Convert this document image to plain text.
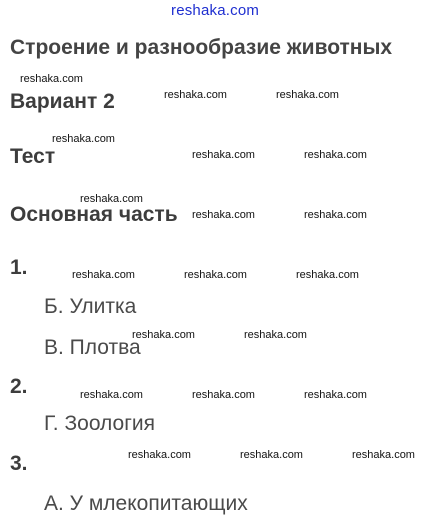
reshaka.com
Строение и разнообразие животных
reshaka.com
Вариант 2	reshaka.com	reshaka.com
reshaka.com
Тест	reshaka.com	reshaka.com
reshaka.com
Основная часть reshaka.com	reshaka.com
1.	reshaka.com	reshaka.com	reshaka.com
Б. Улитка
reshaka.com	reshaka.com
В. Плотва
2.	reshaka.com	reshaka.com	reshaka.com
Г. Зоология
reshaka.com	reshaka.com	reshaka.com
3.
А. У млекопитающих
